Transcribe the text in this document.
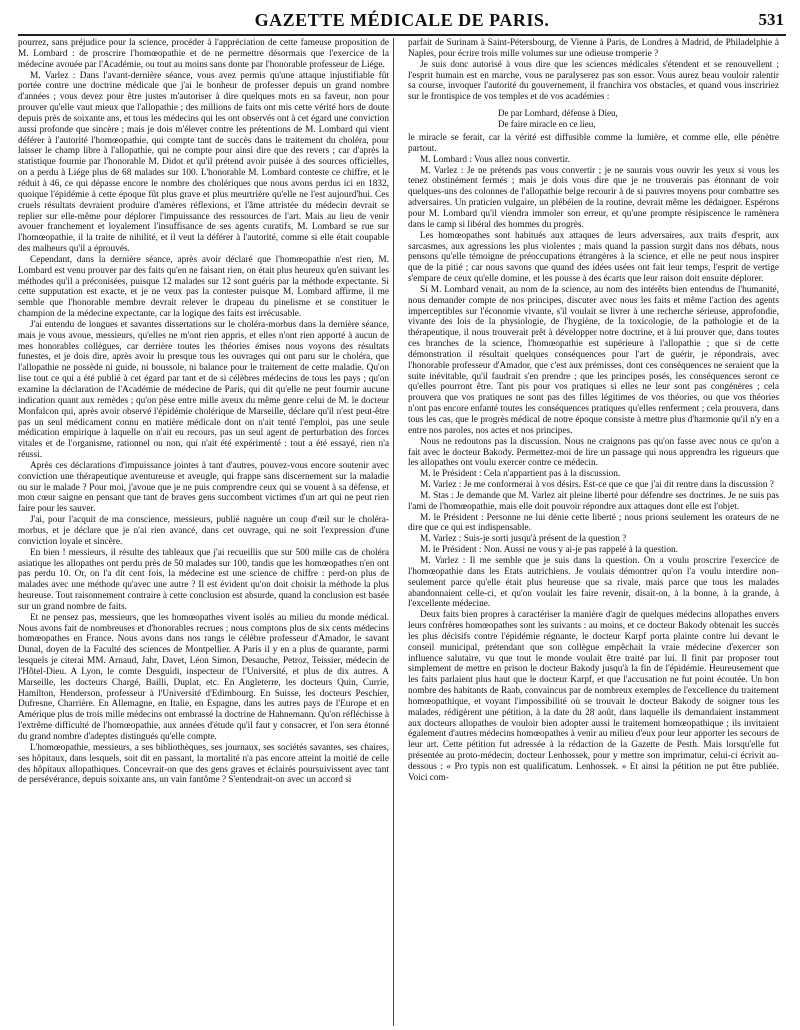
GAZETTE MÉDICALE DE PARIS.	531

pourrez, sans préjudice pour la science, procéder à l'appréciation de cette fameuse proposition de M. Lombard : de proscrire l'homœopathie et de ne permettre désormais que l'exercice de la médecine avouée par l'Académie, ou tout au moins sans donte par l'honorable professeur de Liége.

M. Varlez : Dans l'avant-dernière séance, vous avez permis qu'une attaque injustifiable fût portée contre une doctrine médicale que j'ai le bonheur de professer depuis un grand nombre d'années ; vous devez pour être justes m'autoriser à dire quelques mots en sa faveur, non pour prouver qu'elle vaut mieux que l'allopathie ; des millions de faits ont mis cette vérité hors de doute depuis près de soixante ans, et tous les médecins qui les ont observés ont à cet égard une conviction aussi profonde que sincère ; mais je dois m'élever contre les prétentions de M. Lombard qui vient déférer à l'autorité l'homœopathie, qui compte tant de succès dans le traitement du choléra, pour laisser le champ libre à l'allopathie, qui ne compte pour ainsi dire que des revers ; car d'après la statistique fournie par l'honorable M. Didot et qu'il prétend avoir puisée à des sources officielles, on a perdu à Liége plus de 68 malades sur 100. L'honorable M. Lombard conteste ce chiffre, et le réduit à 46, ce qui dépasse encore le nombre des cholériques que nous avons perdus ici en 1832, quoique l'épidémie à cette époque fût plus grave et plus meurtrière qu'elle ne l'est aujourd'hui. Ces cruels résultats devraient produire d'amères réflexions, et l'âme attristée du médecin devrait se replier sur elle-même pour déplorer l'impuissance des ressources de l'art. Mais au lieu de venir avouer franchement et loyalement l'insuffisance de ses agents curatifs, M. Lombard se rue sur l'homœopathie, il la traite de nihilité, et il veut la déférer à l'autorité, comme si elle était coupable des malheurs qu'il a éprouvés.

Cependant, dans la dernière séance, après avoir déclaré que l'homœopathie n'est rien, M. Lombard est venu prouver par des faits qu'en ne faisant rien, on était plus heureux qu'en suivant les méthodes qu'il a préconisées, puisque 12 malades sur 12 sont guéris par la méthode expectante. Si cette supputation est exacte, et je ne veux pas la contester puisque M. Lombard affirme, il me semble que l'honorable membre devrait relever le drapeau du pinelisme et se constituer le champion de la médecine expectante, car la logique des faits est irrécusable.

J'ai entendu de longues et savantes dissertations sur le choléra-morbus dans la dernière séance, mais je vous avoue, messieurs, qu'elles ne m'ont rien appris, et elles n'ont rien apporté à aucun de mes honorables collègues, car derrière toutes les théories émises nous voyons des résultats funestes, et je dois dire, après avoir lu presque tous les ouvrages qui ont paru sur le choléra, que l'allopathie ne possède ni guide, ni boussole, ni balance pour le traitement de cette maladie. Qu'on lise tout ce qui a été publié à cet égard par tant et de si célèbres médecins de tous les pays ; qu'on examine la déclaration de l'Académie de médecine de Paris, qui dit qu'elle ne peut fournir aucune indication quant aux remèdes ; qu'on pèse entre mille aveux du même genre celui de M. le docteur Monfalcon qui, après avoir observé l'épidémie cholérique de Marseille, déclare qu'il n'est peut-être pas un seul médicament connu en matière médicale dont on n'ait tenté l'emploi, pas une seule médication empirique à laquelle on n'ait eu recours, pas un seul agent de perturbation des forces vitales et de l'organisme, rationnel ou non, qui n'ait été expérimenté : tout a été essayé, rien n'a réussi.

Après ces déclarations d'impuissance jointes à tant d'autres, pouvez-vous encore soutenir avec conviction une thérapeutique aventureuse et aveugle, qui frappe sans discernement sur la maladie ou sur le malade ? Pour moi, j'avoue que je ne puis comprendre ceux qui se vouent à sa défense, et mon cœur saigne en pensant que tant de braves gens succombent victimes d'un art qui ne peut rien faire pour les sauver.

J'ai, pour l'acquit de ma conscience, messieurs, publié naguère un coup d'œil sur le choléra-morbus, et je déclare que je n'ai rien avancé, dans cet ouvrage, qui ne soit l'expression d'une conviction loyale et sincère.

En bien ! messieurs, il résulte des tableaux que j'ai recueillis que sur 500 mille cas de choléra asiatique les allopathes ont perdu près de 50 malades sur 100, tandis que les homœopathes n'en ont pas perdu 10. Or, on l'a dit cent fois, la médecine est une science de chiffre : perd-on plus de malades avec une méthode qu'avec une autre ? Il est évident qu'on doit choisir la méthode la plus heureuse. Tout raisonnement contraire à cette conclusion est absurde, quand la conclusion est basée sur un grand nombre de faits.

Et ne pensez pas, messieurs, que les homœopathes vivent isolés au milieu du monde médical. Nous avons fait de nombreuses et d'honorables recrues ; nous comptons plus de six cents médecins homœopathes en France. Nous avons dans nos rangs le célèbre professeur d'Amador, le savant Dunal, doyen de la Faculté des sciences de Montpellier. A Paris il y en a plus de quarante, parmi lesquels je citerai MM. Arnaud, Jahr, Davet, Léon Simon, Desauche, Petroz, Teissier, médecin de l'Hôtel-Dieu. A Lyon, le comte Desguidi, inspecteur de l'Université, et plus de dix autres. A Marseille, les docteurs Chargé, Bailli, Duplat, etc. En Angleterre, les docteurs Quin, Currie, Hamilton, Henderson, professeur à l'Université d'Edimbourg. En Suisse, les docteurs Peschier, Dufresne, Charrière. En Allemagne, en Italie, en Espagne, dans les autres pays de l'Europe et en Amérique plus de trois mille médecins ont embrassé la doctrine de Hahnemann. Qu'on réfléchisse à l'extrême difficulté de l'homœopathie, aux années d'étude qu'il faut y consacrer, et l'on sera étonné du grand nombre d'adeptes distingués qu'elle compte.

L'homœopathie, messieurs, a ses bibliothèques, ses journaux, ses sociétés savantes, ses chaires, ses hôpitaux, dans lesquels, soit dit en passant, la mortalité n'a pas encore atteint la moitié de celle des hôpitaux allopathiques. Concevrait-on que des gens graves et éclairés poursuivissent avec tant de persévérance, depuis soixante ans, un vain fantôme ? S'entendrait-on avec un accord si

parfait de Surinam à Saint-Pétersbourg, de Vienne à Paris, de Londres à Madrid, de Philadelphie à Naples, pour écrire trois mille volumes sur une odieuse tromperie ?

Je suis donc autorisé à vous dire que les sciences médicales s'étendent et se renouvellent ; l'esprit humain est en marche, vous ne paralyserez pas son essor. Vous aurez beau vouloir ralentir sa course, invoquer l'autorité du gouvernement, il franchira vos obstacles, et quand vous inscririez sur le frontispice de vos temples et de vos académies :

De par Lombard, défense à Dieu,
De faire miracle en ce lieu,

le miracle se ferait, car la vérité est diffusible comme la lumière, et comme elle, elle pénètre partout.

M. Lombard : Vous allez nous convertir.

M. Varlez : Je ne prétends pas vous convertir ; je ne saurais vous ouvrir les yeux si vous les tenez obstinément fermés ; mais je dois vous dire que je ne trouverais pas étonnant de voir quelques-uns des colonnes de l'allopathie belge recourir à de si pauvres moyens pour combattre ses adversaires. Un praticien vulgaire, un plébéien de la routine, devrait même les dédaigner. Espérons pour M. Lombard qu'il viendra immoler son erreur, et qu'une prompte résipiscence le ramènera dans le camp si libéral des hommes du progrès.

Les homœopathes sont habitués aux attaques de leurs adversaires, aux traits d'esprit, aux sarcasmes, aux agressions les plus violentes ; mais quand la passion surgit dans nos débats, nous pensons qu'elle témoigne de préoccupations étrangères à la science, et elle ne peut nous inspirer que de la pitié ; car nous savons que quand des idées usées ont fait leur temps, l'esprit de vertige s'empare de ceux qu'elle domine, et les pousse à des écarts que leur raison doit ensuite déplorer.

Si M. Lombard venait, au nom de la science, au nom des intérêts bien entendus de l'humanité, nous demander compte de nos principes, discuter avec nous les faits et même l'action des agents imperceptibles sur l'économie vivante, s'il voulait se livrer à une recherche sérieuse, approfondie, vivante des lois de la physiologie, de l'hygiène, de la toxicologie, de la pathologie et de la thérapeutique, il nous trouverait prêt à développer notre doctrine, et à lui prouver que, dans toutes ces branches de la science, l'homœopathie est supérieure à l'allopathie ; que si de cette démonstration il résultait quelques conséquences pour l'art de guérir, je répondrais, avec l'honorable professeur d'Amador, que c'est aux prémisses, dont ces conséquences ne seraient que la suite inévitable, qu'il faudrait s'en prendre ; que les principes posés, les conséquences seront ce qu'elles pourront être. Tant pis pour vos pratiques si elles ne leur sont pas congénères ; cela prouvera que vos pratiques ne sont pas des filles légitimes de vos théories, ou que vos théories n'ont pas encore enfanté toutes les conséquences pratiques qu'elles renferment ; cela prouvera, dans tous les cas, que le progrès médical de notre époque consiste à mettre plus d'harmonie qu'il n'y en a entre nos paroles, nos actes et nos principes.

Nous ne redoutons pas la discussion. Nous ne craignons pas qu'on fasse avec nous ce qu'on a fait avec le docteur Bakody. Permettez-moi de lire un passage qui nous apprendra les rigueurs que les allopathes ont voulu exercer contre ce médecin.

M. le Président : Cela n'appartient pas à la discussion.

M. Varlez : Je me conformerai à vos désirs. Est-ce que ce que j'ai dit rentre dans la discussion ?

M. Stas : Je demande que M. Varlez ait pleine liberté pour défendre ses doctrines. Je ne suis pas l'ami de l'homœopathie, mais elle doit pouvoir répondre aux attaques dont elle est l'objet.

M. le Président : Personne ne lui dénie cette liberté ; nous prions seulement les orateurs de ne dire que ce qui est indispensable.

M. Varlez : Suis-je sorti jusqu'à présent de la question ?

M. le Président : Non. Aussi ne vous y ai-je pas rappelé à la question.

M. Varlez : Il me semble que je suis dans la question. On a voulu proscrire l'exercice de l'homœopathie dans les Etats autrichiens. Je voulais démontrer qu'on l'a voulu interdire non-seulement parce qu'elle était plus heureuse que sa rivale, mais parce que tous les malades abandonnaient celle-ci, et qu'on voulait les faire revenir, disait-on, à la bonne, à la grande, à l'excellente médecine.

Deux faits bien propres à caractériser la manière d'agir de quelques médecins allopathes envers leurs confrères homœopathes sont les suivants : au moins, et ce docteur Bakody obtenait les succès les plus décisifs contre l'épidémie régnante, le docteur Karpf porta plainte contre lui devant le conseil municipal, prétendant que son collègue empêchait la vraie médecine d'exercer son influence salutaire, vu que tout le monde voulait être traité par lui. Il finit par proposer tout simplement de mettre en prison le docteur Bakody jusqu'à la fin de l'épidémie. Heureusement que les faits parlaient plus haut que le docteur Karpf, et que l'accusation ne fut point écoutée. Un bon nombre des habitants de Raab, convaincus par de nombreux exemples de l'excellence du traitement homœopathique, et voyant l'impossibilité où se trouvait le docteur Bakody de soigner tous les malades, rédigèrent une pétition, à la date du 28 août, dans laquelle ils demandaient instamment aux docteurs allopathes de vouloir bien adopter aussi le traitement homœopathique ; ils invitaient également d'autres médecins homœopathes à venir au milieu d'eux pour leur apporter les secours de leur art. Cette pétition fut adressée à la rédaction de la Gazette de Pesth. Mais lorsqu'elle fut présentée au proto-médecin, docteur Lenhossek, pour y mettre son imprimatur, celui-ci écrivit au-dessous : « Pro typis non est qualificatum. Lenhossek. » Et ainsi la pétition ne put être publiée. Voici com-
